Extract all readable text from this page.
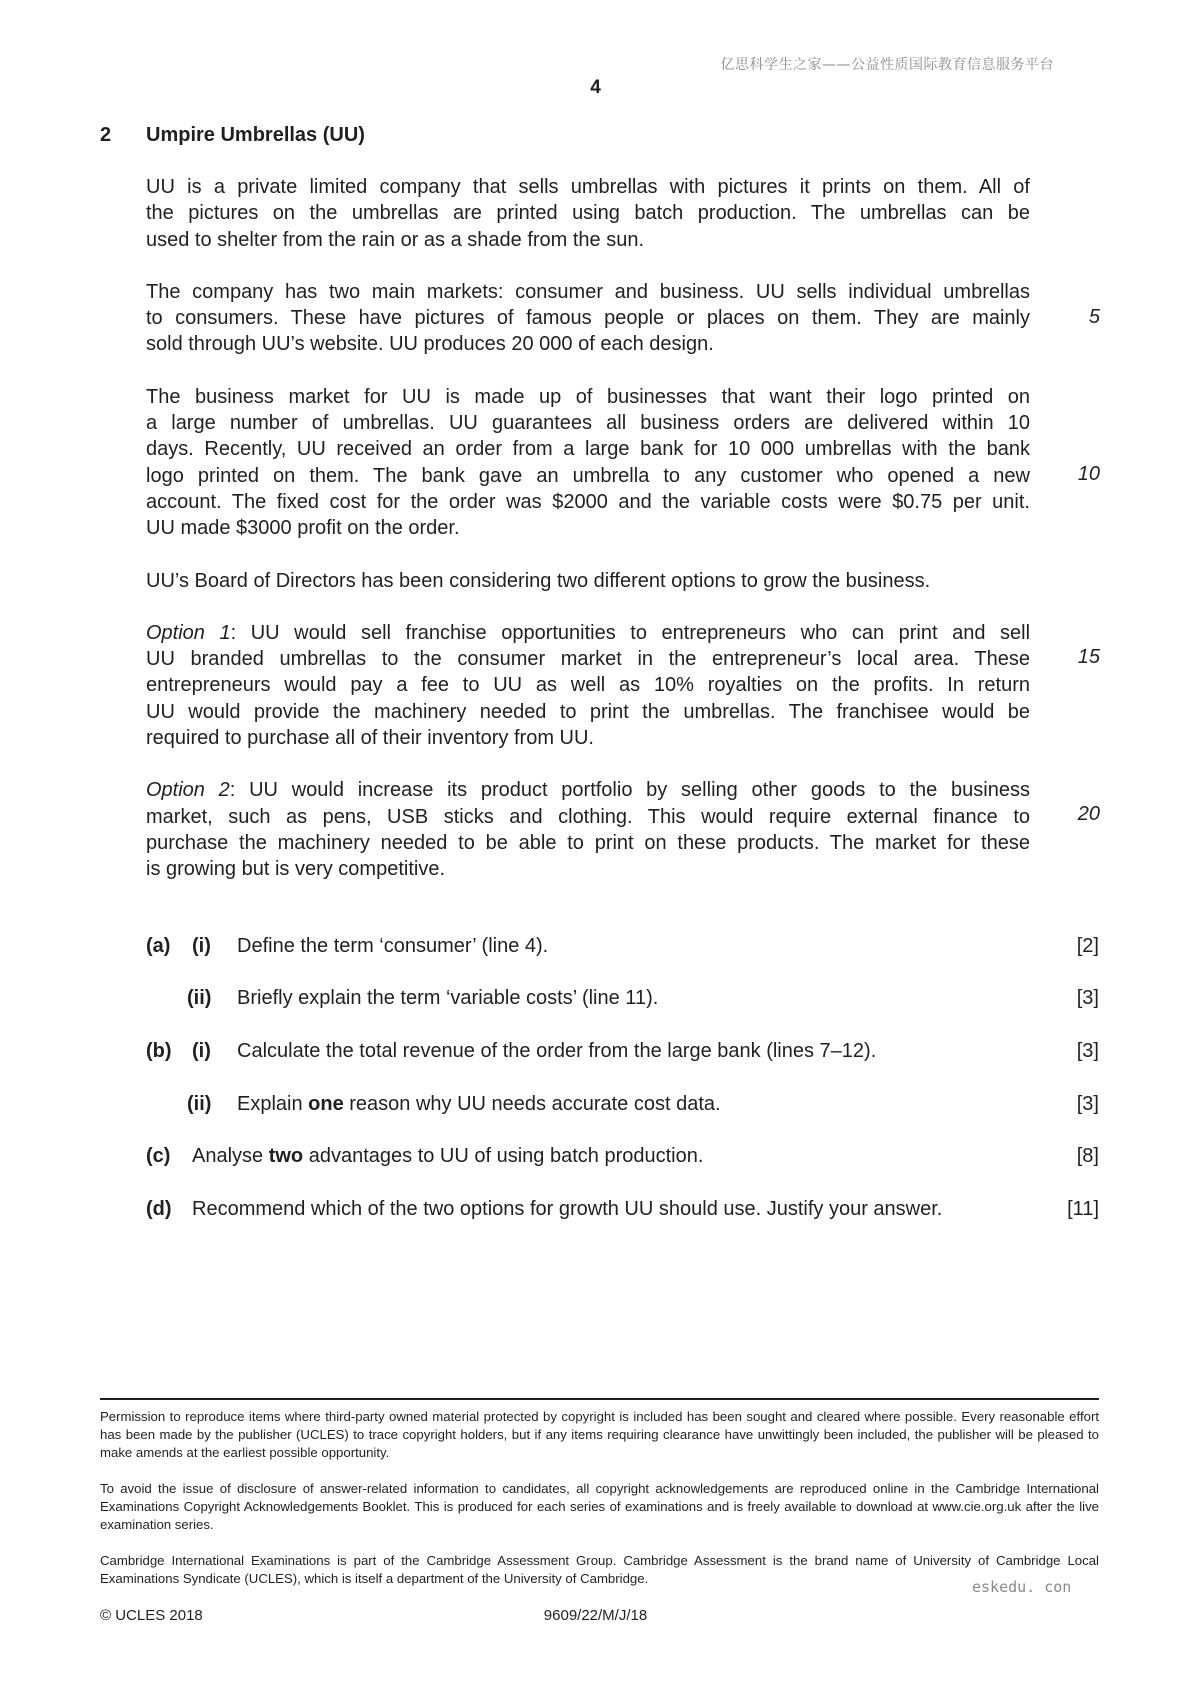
亿思科学生之家——公益性质国际教育信息服务平台
4
2 Umpire Umbrellas (UU)

UU is a private limited company that sells umbrellas with pictures it prints on them. All of
the pictures on the umbrellas are printed using batch production. The umbrellas can be
used to shelter from the rain or as a shade from the sun.

The company has two main markets: consumer and business. UU sells individual umbrellas
to consumers. These have pictures of famous people or places on them. They are mainly
sold through UU’s website. UU produces 20 000 of each design.

The business market for UU is made up of businesses that want their logo printed on
a large number of umbrellas. UU guarantees all business orders are delivered within 10
days. Recently, UU received an order from a large bank for 10 000 umbrellas with the bank
logo printed on them. The bank gave an umbrella to any customer who opened a new
account. The fixed cost for the order was $2000 and the variable costs were $0.75 per unit.
UU made $3000 profit on the order.

UU’s Board of Directors has been considering two different options to grow the business.

Option 1: UU would sell franchise opportunities to entrepreneurs who can print and sell
UU branded umbrellas to the consumer market in the entrepreneur’s local area. These
entrepreneurs would pay a fee to UU as well as 10% royalties on the profits. In return
UU would provide the machinery needed to print the umbrellas. The franchisee would be
required to purchase all of their inventory from UU.

Option 2: UU would increase its product portfolio by selling other goods to the business
market, such as pens, USB sticks and clothing. This would require external finance to
purchase the machinery needed to be able to print on these products. The market for these
is growing but is very competitive.

5
10
15
20
(a) (i) Define the term ‘consumer’ (line 4).	[2]
(ii) Briefly explain the term ‘variable costs’ (line 11).	[3]
(b) (i) Calculate the total revenue of the order from the large bank (lines 7–12).	[3]
(ii) Explain one reason why UU needs accurate cost data.	[3]
(c) Analyse two advantages to UU of using batch production.	[8]
(d) Recommend which of the two options for growth UU should use. Justify your answer.	[11]

Permission to reproduce items where third-party owned material protected by copyright is included has been sought and cleared where possible. Every reasonable effort has been made by the publisher (UCLES) to trace copyright holders, but if any items requiring clearance have unwittingly been included, the publisher will be pleased to make amends at the earliest possible opportunity.

To avoid the issue of disclosure of answer-related information to candidates, all copyright acknowledgements are reproduced online in the Cambridge International Examinations Copyright Acknowledgements Booklet. This is produced for each series of examinations and is freely available to download at www.cie.org.uk after the live examination series.

Cambridge International Examinations is part of the Cambridge Assessment Group. Cambridge Assessment is the brand name of University of Cambridge Local Examinations Syndicate (UCLES), which is itself a department of the University of Cambridge.	eskedu. con
© UCLES 2018	9609/22/M/J/18
